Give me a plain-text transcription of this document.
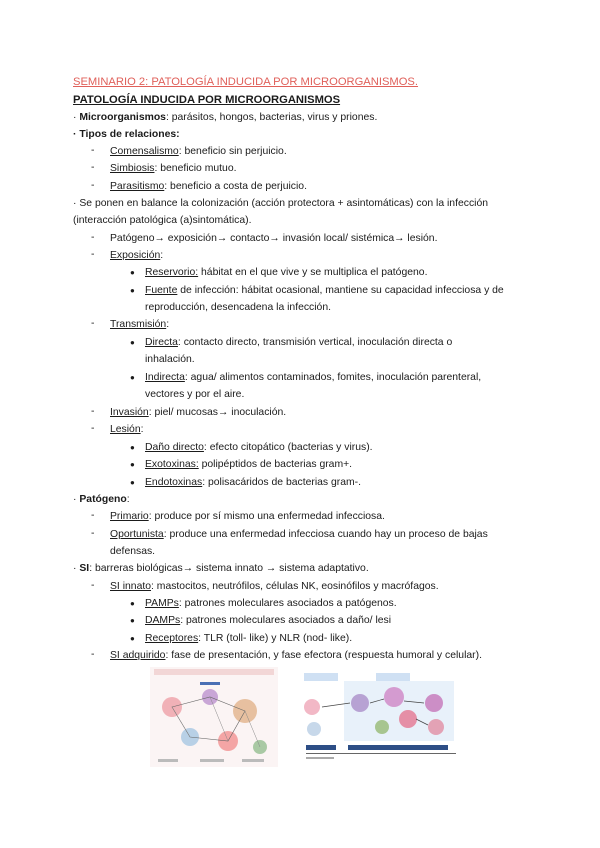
SEMINARIO 2: PATOLOGÍA INDUCIDA POR MICROORGANISMOS.
PATOLOGÍA INDUCIDA POR MICROORGANISMOS
· Microorganismos: parásitos, hongos, bacterias, virus y priones.
· Tipos de relaciones:
- Comensalismo: beneficio sin perjuicio.
- Simbiosis: beneficio mutuo.
- Parasitismo: beneficio a costa de perjuicio.
· Se ponen en balance la colonización (acción protectora + asintomáticas) con la infección
(interacción patológica (a)sintomática).
- Patógeno→ exposición→ contacto→ invasión local/ sistémica→ lesión.
- Exposición:
● Reservorio: hábitat en el que vive y se multiplica el patógeno.
● Fuente de infección: hábitat ocasional, mantiene su capacidad infecciosa y de
reproducción, desencadena la infección.
- Transmisión:
● Directa: contacto directo, transmisión vertical, inoculación directa o
inhalación.
● Indirecta: agua/ alimentos contaminados, fomites, inoculación parenteral,
vectores y por el aire.
- Invasión: piel/ mucosas→ inoculación.
- Lesión:
● Daño directo: efecto citopático (bacterias y virus).
● Exotoxinas: polipéptidos de bacterias gram+.
● Endotoxinas: polisacáridos de bacterias gram-.
· Patógeno:
- Primario: produce por sí mismo una enfermedad infecciosa.
- Oportunista: produce una enfermedad infecciosa cuando hay un proceso de bajas
defensas.
· SI: barreras biológicas→ sistema innato → sistema adaptativo.
- SI innato: mastocitos, neutrófilos, células NK, eosinófilos y macrófagos.
● PAMPs: patrones moleculares asociados a patógenos.
● DAMPs: patrones moleculares asociados a daño/ lesi
● Receptores: TLR (toll- like) y NLR (nod- like).
- SI adquirido: fase de presentación, y fase efectora (respuesta humoral y celular).
